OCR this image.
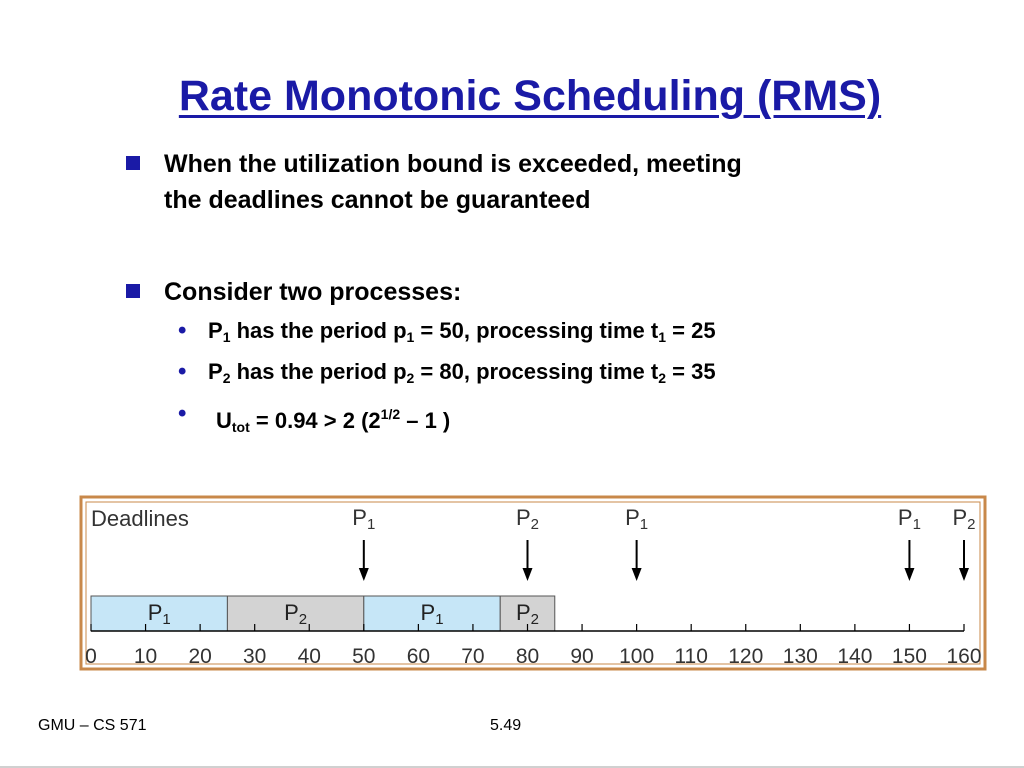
Rate Monotonic Scheduling (RMS)
When the utilization bound is exceeded, meeting
the deadlines cannot be guaranteed
Consider two processes:
• $P_1$ has the period $p_1 = 50$, processing time $t_1 = 25$
• $P_2$ has the period $p_2 = 80$, processing time $t_2 = 35$
• $U_{tot} = 0.94 > 2$ ($2^{1/2} - 1$ )
Deadlines	P1	P2	P1	P1 P2
P1	P2	P1	P2
0 10 20 30 40 50 60 70 80 90 100 110 120 130 140 150 160
GMU – CS 571	5.49
